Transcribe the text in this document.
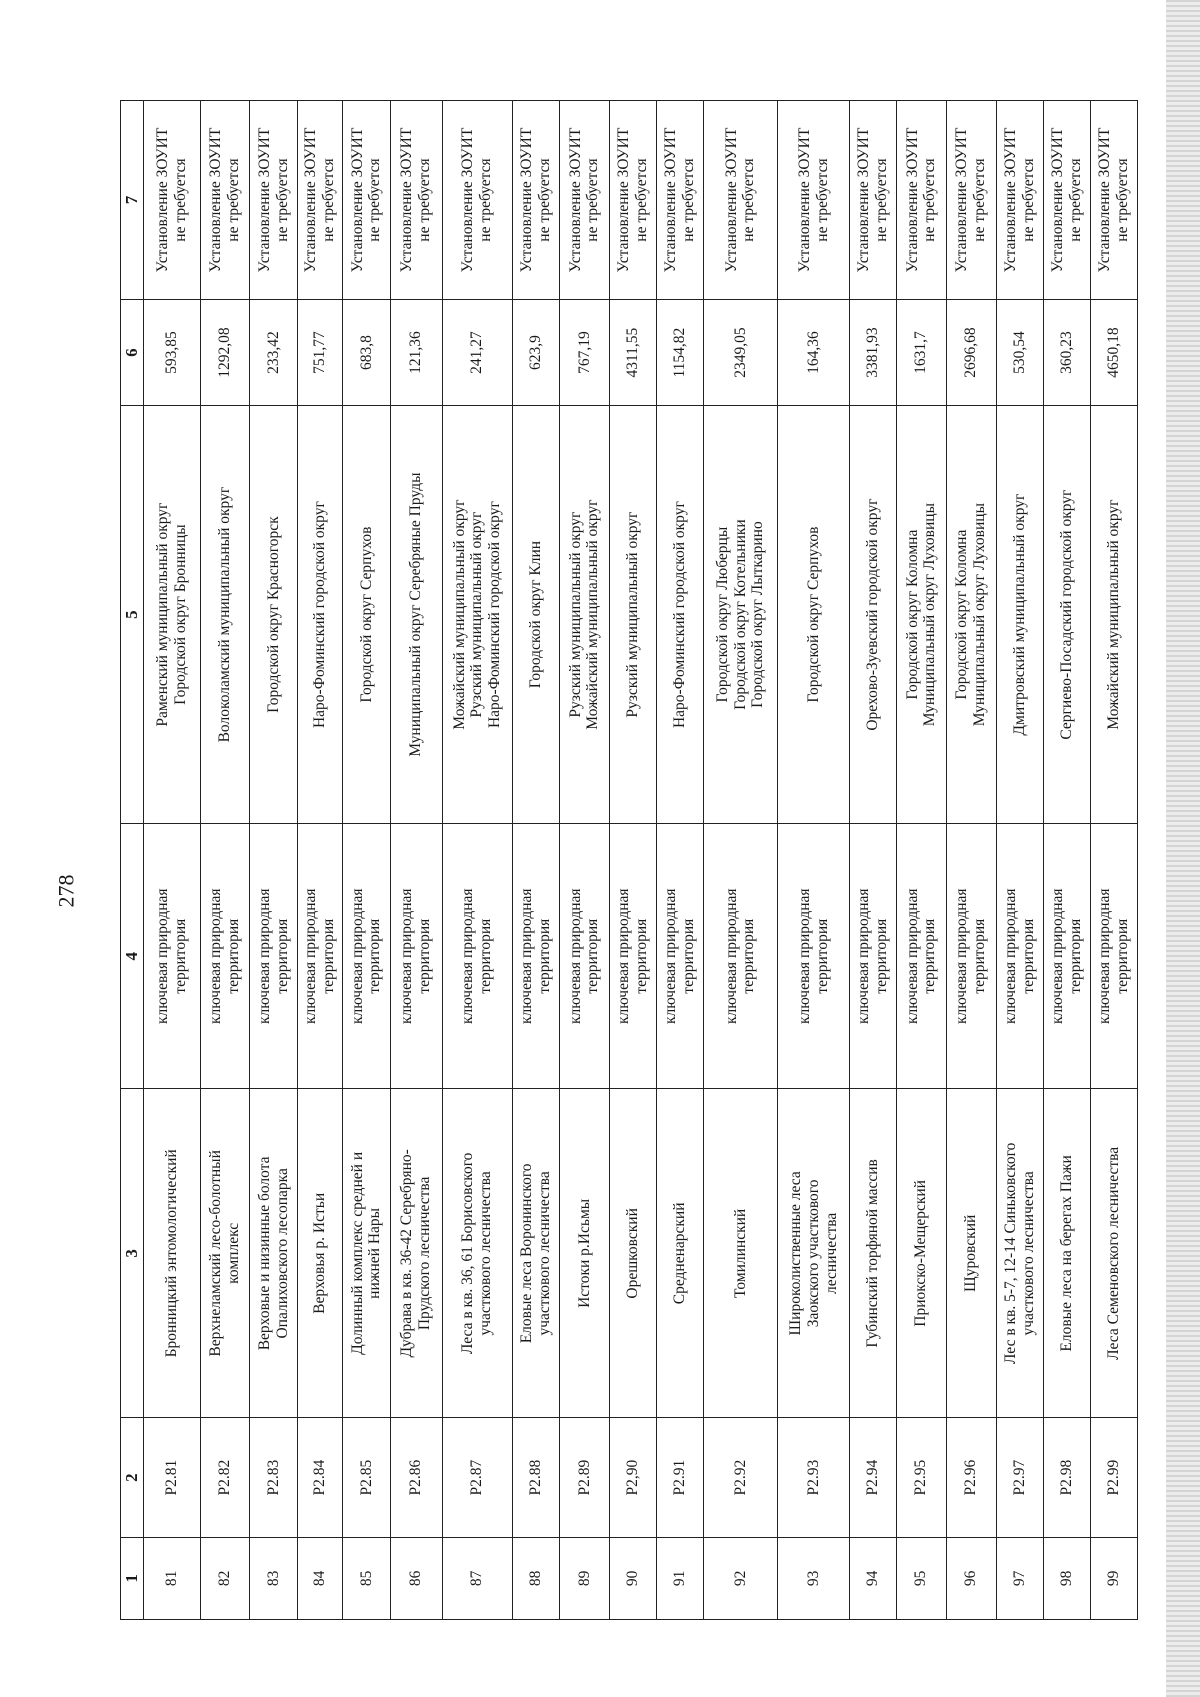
278
1	2	3	4	5	6	7
81	P2.81	Бронницкий энтомологический	ключевая природная
территория	Раменский муниципальный округ
Городской округ Бронницы	593,85	Установление ЗОУИТ
не требуется
82	P2.82	Верхнеламский лесо-болотный
комплекс	ключевая природная
территория	Волоколамский муниципальный округ	1292,08	Установление ЗОУИТ
не требуется
83	P2.83	Верховые и низинные болота
Опалиховского лесопарка	ключевая природная
территория	Городской округ Красногорск	233,42	Установление ЗОУИТ
не требуется
84	P2.84	Верховья р. Истьи	ключевая природная
территория	Наро-Фоминский городской округ	751,77	Установление ЗОУИТ
не требуется
85	P2.85	Долинный комплекс средней и
нижней Нары	ключевая природная
территория	Городской округ Серпухов	683,8	Установление ЗОУИТ
не требуется
86	P2.86	Дубрава в кв. 36-42 Серебряно-
Прудского лесничества	ключевая природная
территория	Муниципальный округ Серебряные Пруды	121,36	Установление ЗОУИТ
не требуется
87	P2.87	Леса в кв. 36, 61 Борисовского
участкового лесничества	ключевая природная
территория	Можайский муниципальный округ
Рузский муниципальный округ
Наро-Фоминский городской округ	241,27	Установление ЗОУИТ
не требуется
88	P2.88	Еловые леса Воронинского
участкового лесничества	ключевая природная
территория	Городской округ Клин	623,9	Установление ЗОУИТ
не требуется
89	P2.89	Истоки р.Исьмы	ключевая природная
территория	Рузский муниципальный округ
Можайский муниципальный округ	767,19	Установление ЗОУИТ
не требуется
90	P2,90	Орешковский	ключевая природная
территория	Рузский муниципальный округ	4311,55	Установление ЗОУИТ
не требуется
91	P2.91	Средненарский	ключевая природная
территория	Наро-Фоминский городской округ	1154,82	Установление ЗОУИТ
не требуется
92	P2.92	Томилинский	ключевая природная
территория	Городской округ Люберцы
Городской округ Котельники
Городской округ Лыткарино	2349,05	Установление ЗОУИТ
не требуется
93	P2.93	Широколиственные леса
Заокского участкового
лесничества	ключевая природная
территория	Городской округ Серпухов	164,36	Установление ЗОУИТ
не требуется
94	P2.94	Губинский торфяной массив	ключевая природная
территория	Орехово-Зуевский городской округ	3381,93	Установление ЗОУИТ
не требуется
95	P2.95	Приокско-Мещерский	ключевая природная
территория	Городской округ Коломна
Муниципальный округ Луховицы	1631,7	Установление ЗОУИТ
не требуется
96	P2.96	Щуровский	ключевая природная
территория	Городской округ Коломна
Муниципальный округ Луховицы	2696,68	Установление ЗОУИТ
не требуется
97	P2.97	Лес в кв. 5-7, 12-14 Синьковского
участкового лесничества	ключевая природная
территория	Дмитровский муниципальный округ	530,54	Установление ЗОУИТ
не требуется
98	P2.98	Еловые леса на берегах Пажи	ключевая природная
территория	Сергиево-Посадский городской округ	360,23	Установление ЗОУИТ
не требуется
99	P2.99	Леса Семеновского лесничества	ключевая природная
территория	Можайский муниципальный округ	4650,18	Установление ЗОУИТ
не требуется
